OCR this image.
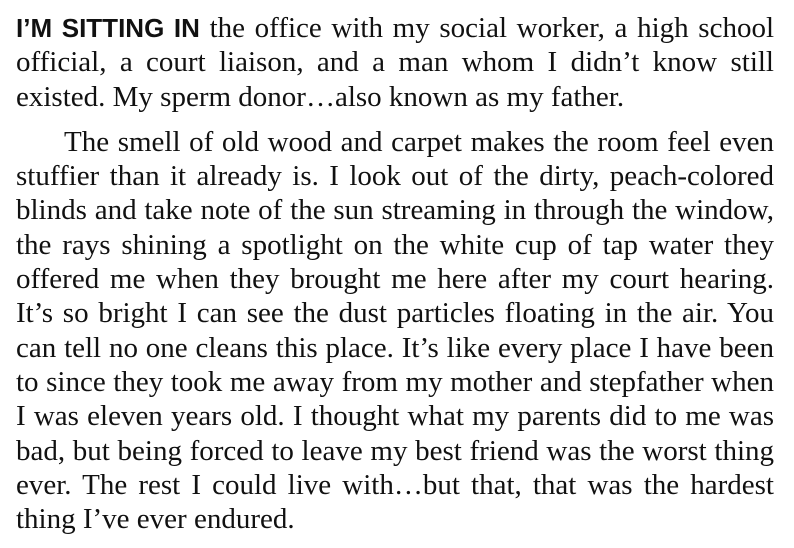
I’M SITTING IN the office with my social worker, a high school official, a court liaison, and a man whom I didn’t know still existed. My sperm donor…also known as my father.

The smell of old wood and carpet makes the room feel even stuffier than it already is. I look out of the dirty, peach-colored blinds and take note of the sun streaming in through the window, the rays shining a spotlight on the white cup of tap water they offered me when they brought me here after my court hearing. It’s so bright I can see the dust particles floating in the air. You can tell no one cleans this place. It’s like every place I have been to since they took me away from my mother and stepfather when I was eleven years old. I thought what my parents did to me was bad, but being forced to leave my best friend was the worst thing ever. The rest I could live with…but that, that was the hardest thing I’ve ever endured.
